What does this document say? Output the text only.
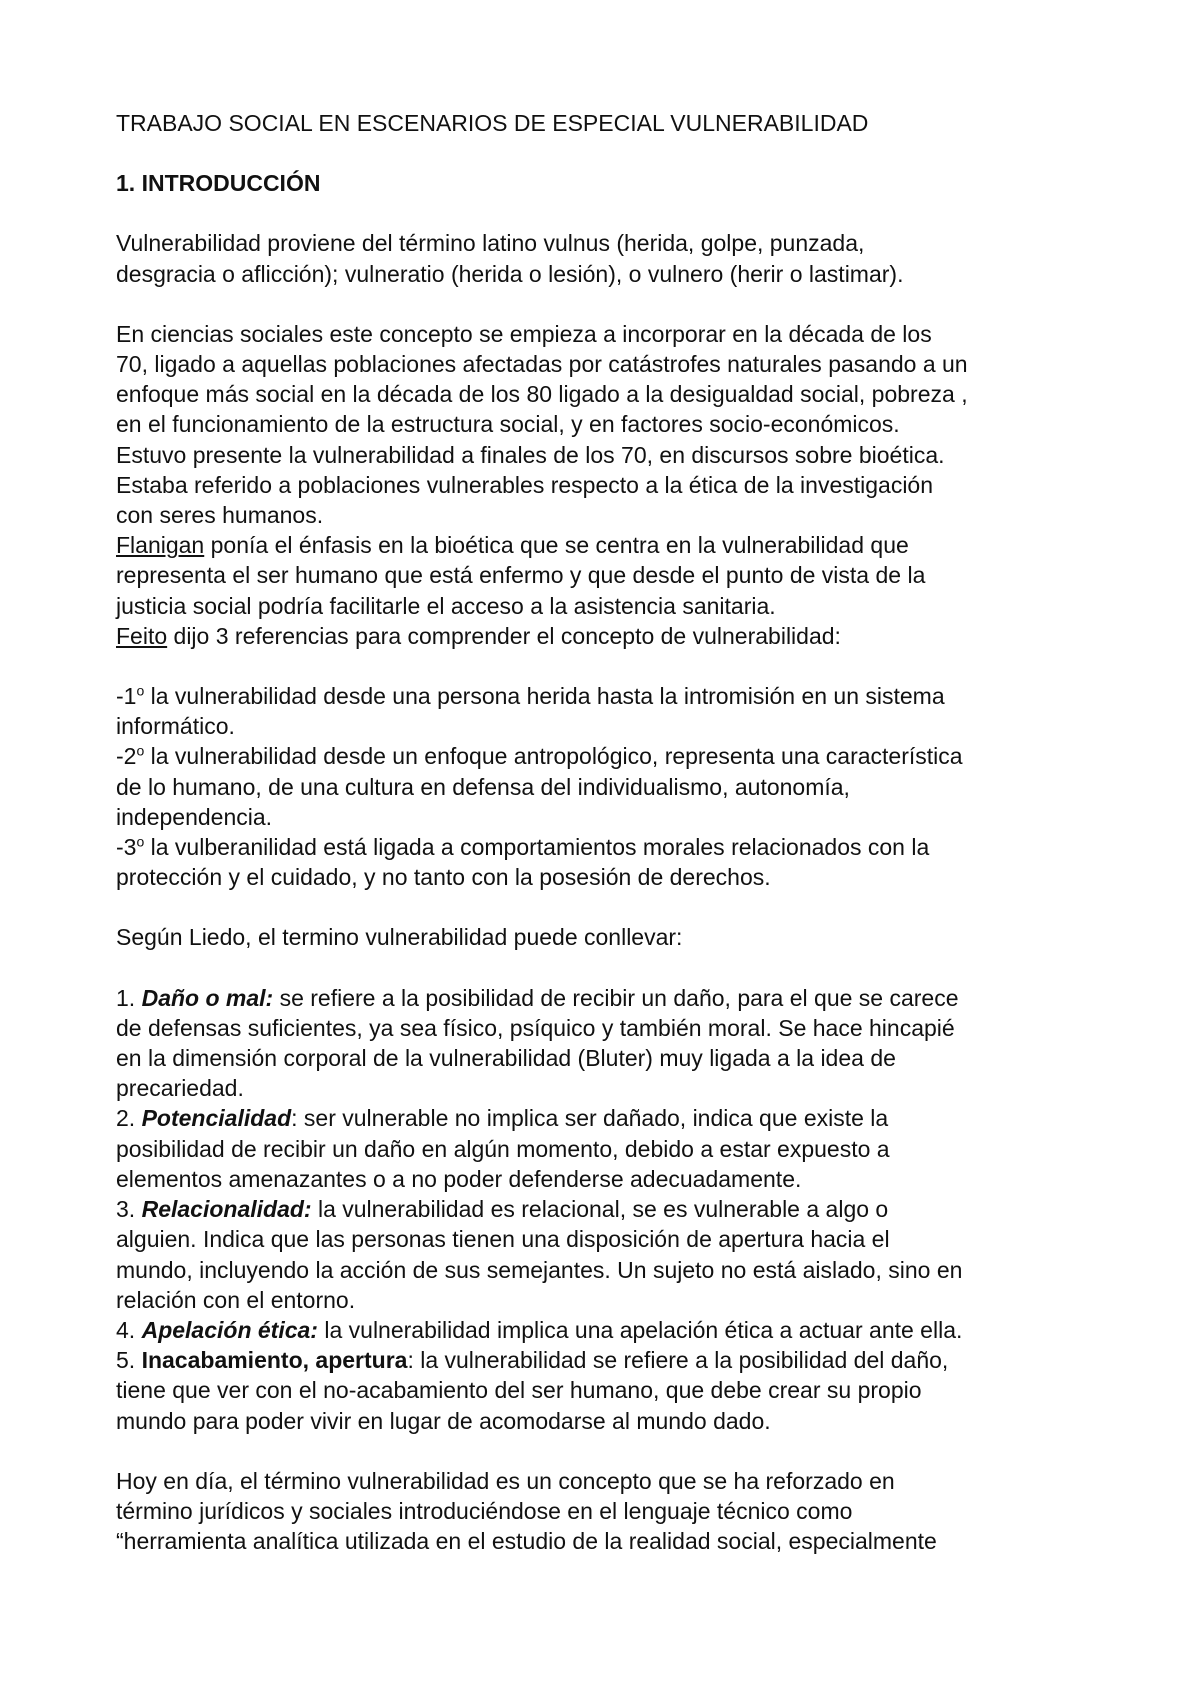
TRABAJO SOCIAL EN ESCENARIOS DE ESPECIAL VULNERABILIDAD

1. INTRODUCCIÓN

Vulnerabilidad proviene del término latino vulnus (herida, golpe, punzada,
desgracia o aflicción); vulneratio (herida o lesión), o vulnero (herir o lastimar).
En ciencias sociales este concepto se empieza a incorporar en la década de los
70, ligado a aquellas poblaciones afectadas por catástrofes naturales pasando a un
enfoque más social en la década de los 80 ligado a la desigualdad social, pobreza ,
en el funcionamiento de la estructura social, y en factores socio-económicos.
Estuvo presente la vulnerabilidad a finales de los 70, en discursos sobre bioética.
Estaba referido a poblaciones vulnerables respecto a la ética de la investigación
con seres humanos.
Flanigan ponía el énfasis en la bioética que se centra en la vulnerabilidad que
representa el ser humano que está enfermo y que desde el punto de vista de la
justicia social podría facilitarle el acceso a la asistencia sanitaria.
Feito dijo 3 referencias para comprender el concepto de vulnerabilidad:
-1$^o$ la vulnerabilidad desde una persona herida hasta la intromisión en un sistema
informático.
-2$^o$ la vulnerabilidad desde un enfoque antropológico, representa una característica
de lo humano, de una cultura en defensa del individualismo, autonomía,
independencia.
-3$^o$ la vulberanilidad está ligada a comportamientos morales relacionados con la
protección y el cuidado, y no tanto con la posesión de derechos.

Según Liedo, el termino vulnerabilidad puede conllevar:

1. Daño o mal: se refiere a la posibilidad de recibir un daño, para el que se carece
de defensas suficientes, ya sea físico, psíquico y también moral. Se hace hincapié
en la dimensión corporal de la vulnerabilidad (Bluter) muy ligada a la idea de
precariedad.
2. Potencialidad: ser vulnerable no implica ser dañado, indica que existe la
posibilidad de recibir un daño en algún momento, debido a estar expuesto a
elementos amenazantes o a no poder defenderse adecuadamente.
3. Relacionalidad: la vulnerabilidad es relacional, se es vulnerable a algo o
alguien. Indica que las personas tienen una disposición de apertura hacia el
mundo, incluyendo la acción de sus semejantes. Un sujeto no está aislado, sino en
relación con el entorno.
4. Apelación ética: la vulnerabilidad implica una apelación ética a actuar ante ella.
5. Inacabamiento, apertura: la vulnerabilidad se refiere a la posibilidad del daño,
tiene que ver con el no-acabamiento del ser humano, que debe crear su propio
mundo para poder vivir en lugar de acomodarse al mundo dado.
Hoy en día, el término vulnerabilidad es un concepto que se ha reforzado en
término jurídicos y sociales introduciéndose en el lenguaje técnico como
“herramienta analítica utilizada en el estudio de la realidad social, especialmente
